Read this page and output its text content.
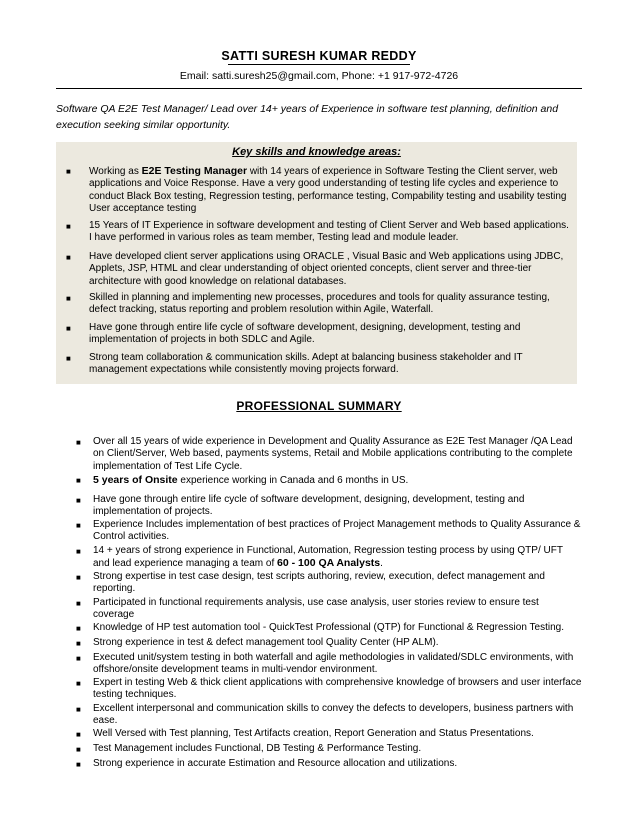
SATTI SURESH KUMAR REDDY
Email: satti.suresh25@gmail.com, Phone: +1 917-972-4726
Software QA E2E Test Manager/ Lead over 14+ years of Experience in software test planning, definition and execution seeking similar opportunity.
Key skills and knowledge areas:
■ Working as E2E Testing Manager with 14 years of experience in Software Testing the Client server, web applications and Voice Response. Have a very good understanding of testing life cycles and experience to conduct Black Box testing, Regression testing, performance testing, Compability testing and usability testing User acceptance testing
■ 15 Years of IT Experience in software development and testing of Client Server and Web based applications. I have performed in various roles as team member, Testing lead and module leader.
■ Have developed client server applications using ORACLE , Visual Basic and Web applications using JDBC, Applets, JSP, HTML and clear understanding of object oriented concepts, client server and three-tier architecture with good knowledge on relational databases.
■ Skilled in planning and implementing new processes, procedures and tools for quality assurance testing, defect tracking, status reporting and problem resolution within Agile, Waterfall.
■ Have gone through entire life cycle of software development, designing, development, testing and implementation of projects in both SDLC and Agile.
■ Strong team collaboration & communication skills. Adept at balancing business stakeholder and IT management expectations while consistently moving projects forward.
PROFESSIONAL SUMMARY
■ Over all 15 years of wide experience in Development and Quality Assurance as E2E Test Manager /QA Lead on Client/Server, Web based, payments systems, Retail and Mobile applications contributing to the complete implementation of Test Life Cycle.
■ 5 years of Onsite experience working in Canada and 6 months in US.
■ Have gone through entire life cycle of software development, designing, development, testing and implementation of projects.
■ Experience Includes implementation of best practices of Project Management methods to Quality Assurance & Control activities.
■ 14 + years of strong experience in Functional, Automation, Regression testing process by using QTP/ UFT and lead experience managing a team of 60 - 100 QA Analysts.
■ Strong expertise in test case design, test scripts authoring, review, execution, defect management and reporting.
■ Participated in functional requirements analysis, use case analysis, user stories review to ensure test coverage
■ Knowledge of HP test automation tool - QuickTest Professional (QTP) for Functional & Regression Testing.
■ Strong experience in test & defect management tool Quality Center (HP ALM).
■ Executed unit/system testing in both waterfall and agile methodologies in validated/SDLC environments, with offshore/onsite development teams in multi-vendor environment.
■ Expert in testing Web & thick client applications with comprehensive knowledge of browsers and user interface testing techniques.
■ Excellent interpersonal and communication skills to convey the defects to developers, business partners with ease.
■ Well Versed with Test planning, Test Artifacts creation, Report Generation and Status Presentations.
■ Test Management includes Functional, DB Testing & Performance Testing.
■ Strong experience in accurate Estimation and Resource allocation and utilizations.
